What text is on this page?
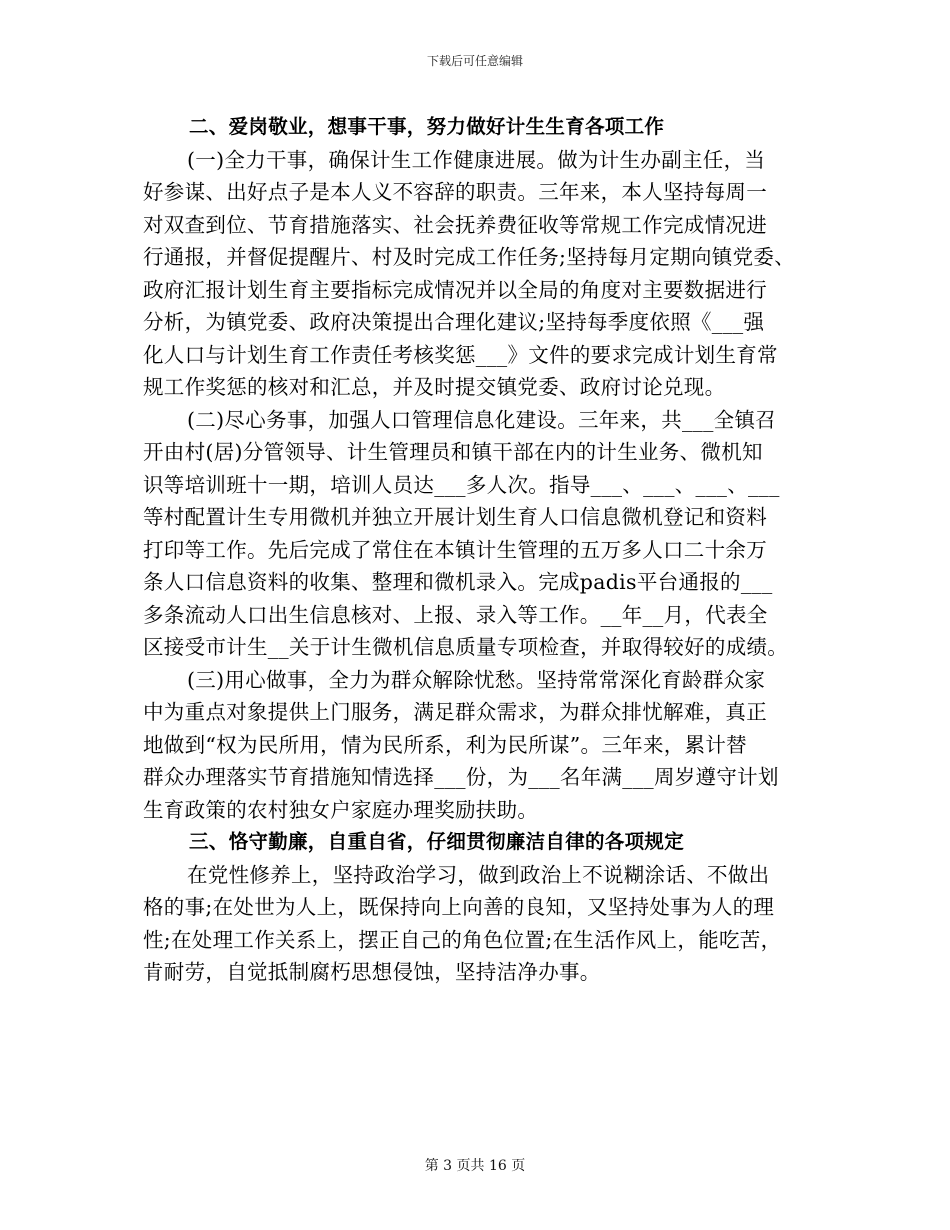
下载后可任意编辑
二、爱岗敬业，想事干事，努力做好计生生育各项工作
(一)全力干事，确保计生工作健康进展。做为计生办副主任，当
好参谋、出好点子是本人义不容辞的职责。三年来，本人坚持每周一
对双查到位、节育措施落实、社会抚养费征收等常规工作完成情况进
行通报，并督促提醒片、村及时完成工作任务;坚持每月定期向镇党委、
政府汇报计划生育主要指标完成情况并以全局的角度对主要数据进行
分析，为镇党委、政府决策提出合理化建议;坚持每季度依照《___强
化人口与计划生育工作责任考核奖惩___》文件的要求完成计划生育常
规工作奖惩的核对和汇总，并及时提交镇党委、政府讨论兑现。
(二)尽心务事，加强人口管理信息化建设。三年来，共___全镇召
开由村(居)分管领导、计生管理员和镇干部在内的计生业务、微机知
识等培训班十一期，培训人员达___多人次。指导___、___、___、___
等村配置计生专用微机并独立开展计划生育人口信息微机登记和资料
打印等工作。先后完成了常住在本镇计生管理的五万多人口二十余万
条人口信息资料的收集、整理和微机录入。完成padis平台通报的___
多条流动人口出生信息核对、上报、录入等工作。__年__月，代表全
区接受市计生__关于计生微机信息质量专项检查，并取得较好的成绩。
(三)用心做事，全力为群众解除忧愁。坚持常常深化育龄群众家
中为重点对象提供上门服务，满足群众需求，为群众排忧解难，真正
地做到“权为民所用，情为民所系，利为民所谋”。三年来，累计替
群众办理落实节育措施知情选择___份，为___名年满___周岁遵守计划
生育政策的农村独女户家庭办理奖励扶助。
三、恪守勤廉，自重自省，仔细贯彻廉洁自律的各项规定
在党性修养上，坚持政治学习，做到政治上不说糊涂话、不做出
格的事;在处世为人上，既保持向上向善的良知，又坚持处事为人的理
性;在处理工作关系上，摆正自己的角色位置;在生活作风上，能吃苦，
肯耐劳，自觉抵制腐朽思想侵蚀，坚持洁净办事。
第 3 页共 16 页
